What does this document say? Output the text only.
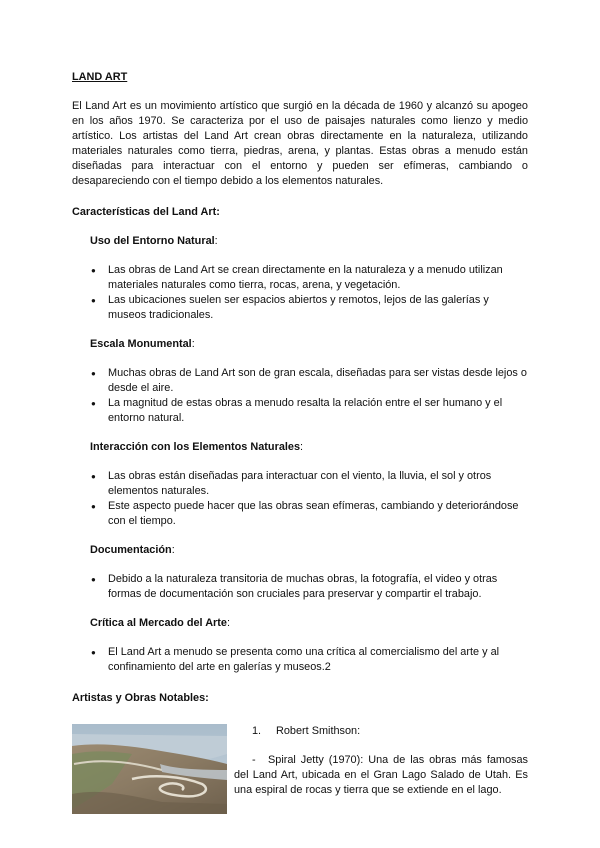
LAND ART

El Land Art es un movimiento artístico que surgió en la década de 1960 y alcanzó su apogeo en los años 1970. Se caracteriza por el uso de paisajes naturales como lienzo y medio artístico. Los artistas del Land Art crean obras directamente en la naturaleza, utilizando materiales naturales como tierra, piedras, arena, y plantas. Estas obras a menudo están diseñadas para interactuar con el entorno y pueden ser efímeras, cambiando o desapareciendo con el tiempo debido a los elementos naturales.

Características del Land Art:

Uso del Entorno Natural:

● Las obras de Land Art se crean directamente en la naturaleza y a menudo utilizan materiales naturales como tierra, rocas, arena, y vegetación.
● Las ubicaciones suelen ser espacios abiertos y remotos, lejos de las galerías y museos tradicionales.

Escala Monumental:

● Muchas obras de Land Art son de gran escala, diseñadas para ser vistas desde lejos o desde el aire.
● La magnitud de estas obras a menudo resalta la relación entre el ser humano y el entorno natural.

Interacción con los Elementos Naturales:

● Las obras están diseñadas para interactuar con el viento, la lluvia, el sol y otros elementos naturales.
● Este aspecto puede hacer que las obras sean efímeras, cambiando y deteriorándose con el tiempo.

Documentación:

● Debido a la naturaleza transitoria de muchas obras, la fotografía, el video y otras formas de documentación son cruciales para preservar y compartir el trabajo.

Crítica al Mercado del Arte:

● El Land Art a menudo se presenta como una crítica al comercialismo del arte y al confinamiento del arte en galerías y museos.2

Artistas y Obras Notables:

1. Robert Smithson:

- Spiral Jetty (1970): Una de las obras más famosas del Land Art, ubicada en el Gran Lago Salado de Utah. Es una espiral de rocas y tierra que se extiende en el lago.
